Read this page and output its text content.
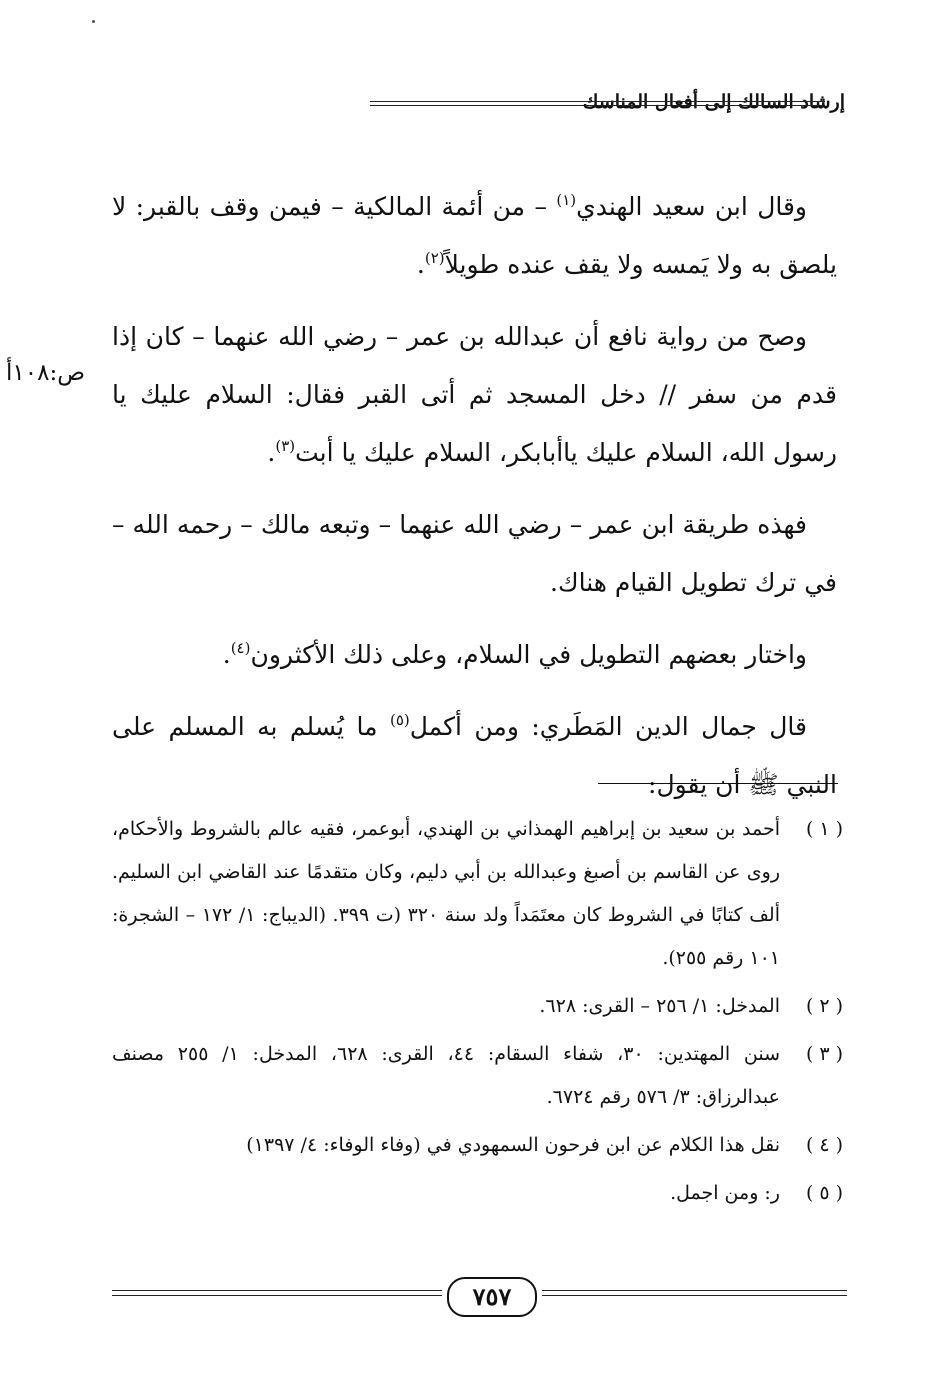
إرشاد السالك إلى أفعال المناسك

وقال ابن سعيد الهندي$^{(١)}$ – من أئمة المالكية – فيمن وقف بالقبر: لا يلصق به ولا يَمسه ولا يقف عنده طويلاً$^{(٢)}$.

وصح من رواية نافع أن عبدالله بن عمر – رضي الله عنهما – كان إذا قدم من سفر // دخل المسجد ثم أتى القبر فقال: السلام عليك يا رسول الله، السلام عليك ياأبابكر، السلام عليك يا أبت$^{(٣)}$.

فهذه طريقة ابن عمر – رضي الله عنهما – وتبعه مالك – رحمه الله – في ترك تطويل القيام هناك.

واختار بعضهم التطويل في السلام، وعلى ذلك الأكثرون$^{(٤)}$.

قال جمال الدين المَطَري: ومن أكمل$^{(٥)}$ ما يُسلم به المسلم على النبي ﷺ أن يقول:

ص:١٠٨أ
( ١ )
أحمد بن سعيد بن إبراهيم الهمذاني بن الهندي، أبوعمر، فقيه عالم بالشروط والأحكام، روى عن القاسم بن أصبغ وعبدالله بن أبي دليم، وكان متقدمًا عند القاضي ابن السليم. ألف كتابًا في الشروط كان معتَمَداً ولد سنة ٣٢٠ (ت ٣٩٩. (الديباج: ١/ ١٧٢ – الشجرة: ١٠١ رقم ٢٥٥).
( ٢ )
المدخل: ١/ ٢٥٦ – القرى: ٦٢٨.
( ٣ )
سنن المهتدين: ٣٠، شفاء السقام: ٤٤، القرى: ٦٢٨، المدخل: ١/ ٢٥٥ مصنف عبدالرزاق: ٣/ ٥٧٦ رقم ٦٧٢٤.
( ٤ )
نقل هذا الكلام عن ابن فرحون السمهودي في (وفاء الوفاء: ٤/ ١٣٩٧)
( ٥ )
ر: ومن اجمل.
٧٥٧
